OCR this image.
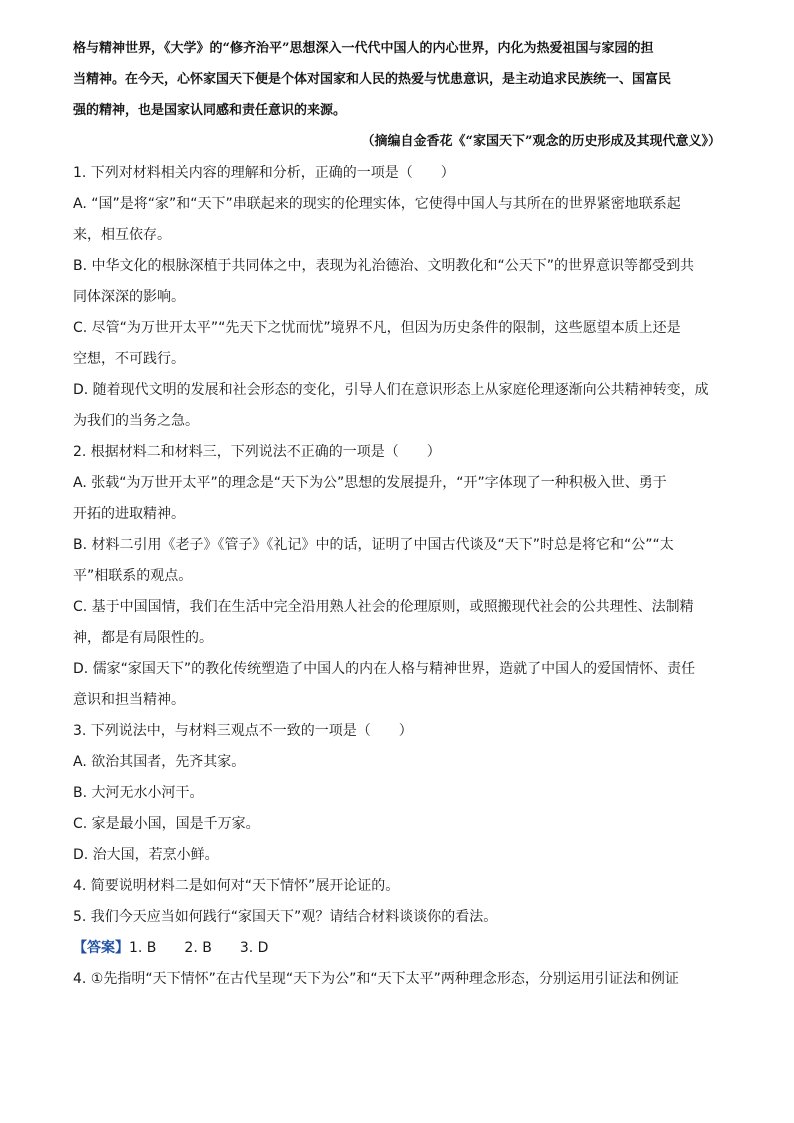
格与精神世界，《大学》的“修齐治平”思想深入一代代中国人的内心世界，内化为热爱祖国与家园的担
当精神。在今天，心怀家国天下便是个体对国家和人民的热爱与忧患意识，是主动追求民族统一、国富民
强的精神，也是国家认同感和责任意识的来源。
（摘编自金香花《“家国天下”观念的历史形成及其现代意义》）
1. 下列对材料相关内容的理解和分析，正确的一项是（　　）
A. “国”是将“家”和“天下”串联起来的现实的伦理实体，它使得中国人与其所在的世界紧密地联系起
来，相互依存。
B. 中华文化的根脉深植于共同体之中，表现为礼治德治、文明教化和“公天下”的世界意识等都受到共
同体深深的影响。
C. 尽管“为万世开太平”“先天下之忧而忧”境界不凡，但因为历史条件的限制，这些愿望本质上还是
空想，不可践行。
D. 随着现代文明的发展和社会形态的变化，引导人们在意识形态上从家庭伦理逐渐向公共精神转变，成
为我们的当务之急。
2. 根据材料二和材料三，下列说法不正确的一项是（　　）
A. 张载“为万世开太平”的理念是“天下为公”思想的发展提升，“开”字体现了一种积极入世、勇于
开拓的进取精神。
B. 材料二引用《老子》《管子》《礼记》中的话，证明了中国古代谈及“天下”时总是将它和“公”“太
平”相联系的观点。
C. 基于中国国情，我们在生活中完全沿用熟人社会的伦理原则，或照搬现代社会的公共理性、法制精
神，都是有局限性的。
D. 儒家“家国天下”的教化传统塑造了中国人的内在人格与精神世界，造就了中国人的爱国情怀、责任
意识和担当精神。
3. 下列说法中，与材料三观点不一致的一项是（　　）
A. 欲治其国者，先齐其家。
B. 大河无水小河干。
C. 家是最小国，国是千万家。
D. 治大国，若烹小鲜。
4. 简要说明材料二是如何对“天下情怀”展开论证的。
5. 我们今天应当如何践行“家国天下”观？请结合材料谈谈你的看法。
【答案】1. B　　2. B　　3. D
4. ①先指明“天下情怀”在古代呈现“天下为公”和“天下太平”两种理念形态，分别运用引证法和例证
